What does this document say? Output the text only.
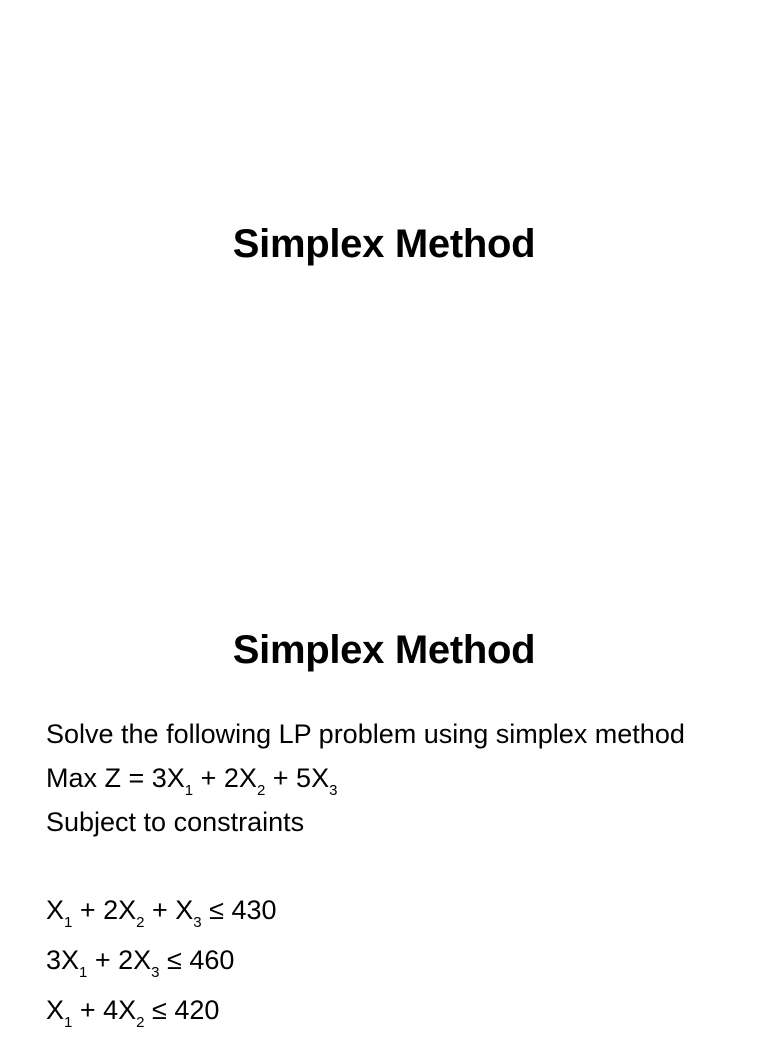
Simplex Method
Simplex Method
Solve the following LP problem using simplex method
Max $Z = 3X_1 + 2X_2 + 5X_3$
Subject to constraints
$X_1 + 2X_2 + X_3 \le 430$
$3X_1 + 2X_3 \le 460$
$X_1 + 4X_2 \le 420$
